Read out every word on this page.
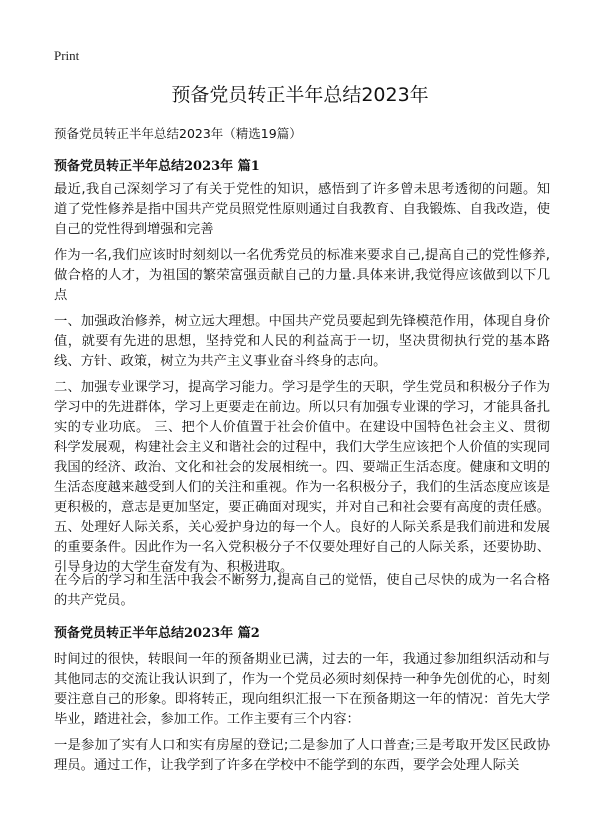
Print
预备党员转正半年总结2023年

预备党员转正半年总结2023年（精选19篇）

预备党员转正半年总结2023年 篇1

最近,我自己深刻学习了有关于党性的知识，感悟到了许多曾未思考透彻的问题。知道了党性修养是指中国共产党员照党性原则通过自我教育、自我锻炼、自我改造，使自己的党性得到增强和完善

作为一名,我们应该时时刻刻以一名优秀党员的标准来要求自己,提高自己的党性修养,做合格的人才，为祖国的繁荣富强贡献自己的力量.具体来讲,我觉得应该做到以下几点

一、加强政治修养，树立远大理想。中国共产党员要起到先锋模范作用，体现自身价值，就要有先进的思想，坚持党和人民的利益高于一切，坚决贯彻执行党的基本路线、方针、政策，树立为共产主义事业奋斗终身的志向。

二、加强专业课学习，提高学习能力。学习是学生的天职，学生党员和积极分子作为学习中的先进群体，学习上更要走在前边。所以只有加强专业课的学习，才能具备扎实的专业功底。 三、把个人价值置于社会价值中。在建设中国特色社会主义、贯彻科学发展观，构建社会主义和谐社会的过程中，我们大学生应该把个人价值的实现同我国的经济、政治、文化和社会的发展相统一。四、要端正生活态度。健康和文明的生活态度越来越受到人们的关注和重视。作为一名积极分子，我们的生活态度应该是更积极的，意志是更加坚定，要正确面对现实，并对自己和社会要有高度的责任感。 五、处理好人际关系，关心爱护身边的每一个人。良好的人际关系是我们前进和发展的重要条件。因此作为一名入党积极分子不仅要处理好自己的人际关系，还要协助、引导身边的大学生奋发有为、积极进取。

在今后的学习和生活中我会不断努力,提高自己的觉悟，使自己尽快的成为一名合格的共产党员。

预备党员转正半年总结2023年 篇2

时间过的很快，转眼间一年的预备期业已满，过去的一年，我通过参加组织活动和与其他同志的交流让我认识到了，作为一个党员必须时刻保持一种争先创优的心，时刻要注意自己的形象。即将转正，现向组织汇报一下在预备期这一年的情况：首先大学毕业，踏进社会，参加工作。工作主要有三个内容：

一是参加了实有人口和实有房屋的登记;二是参加了人口普查;三是考取开发区民政协理员。通过工作，让我学到了许多在学校中不能学到的东西，要学会处理人际关
